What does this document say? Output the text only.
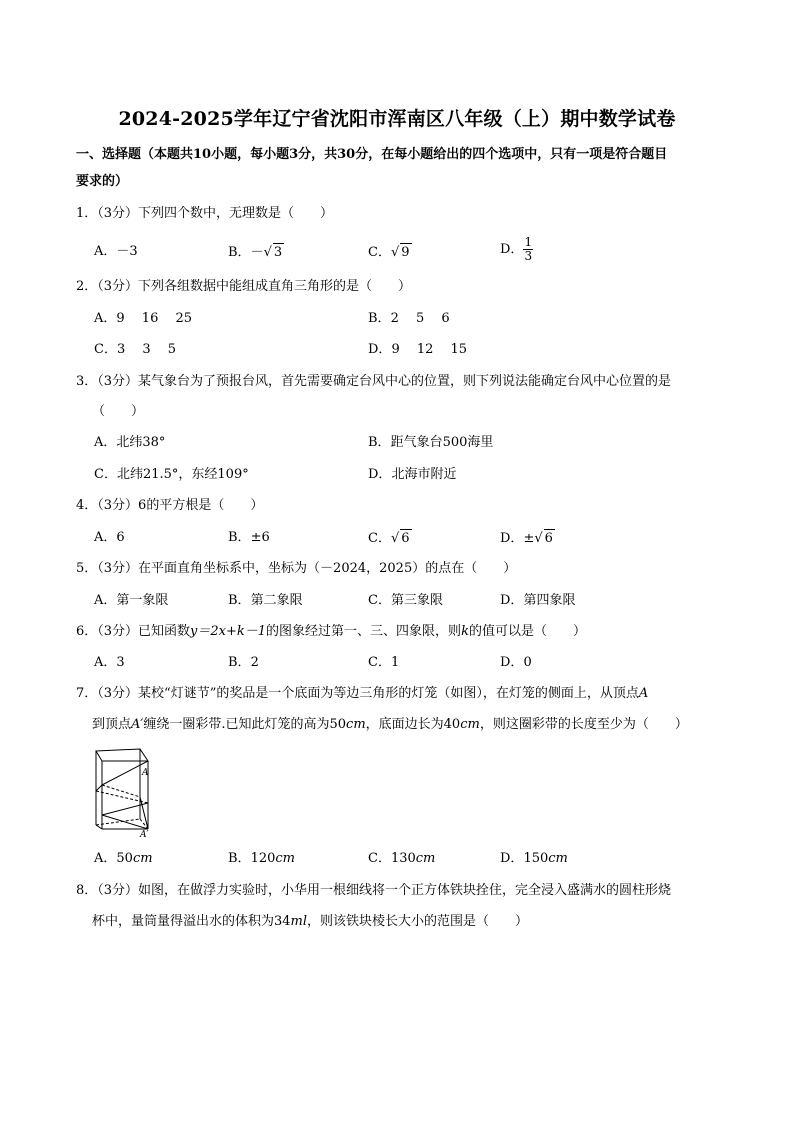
2024-2025学年辽宁省沈阳市浑南区八年级（上）期中数学试卷
一、选择题（本题共10小题，每小题3分，共30分，在每小题给出的四个选项中，只有一项是符合题目
要求的）
1．（3分）下列四个数中，无理数是（　　）
A．－3	B．－√ 3	C．√ 9	D． $\frac{1}{3}$
2．（3分）下列各组数据中能组成直角三角形的是（　　）
A．9　 16　 25	B．2　 5　 6
C．3　 3　 5	D．9　 12　 15
3．（3分）某气象台为了预报台风，首先需要确定台风中心的位置，则下列说法能确定台风中心位置的是
（　　）
A．北纬38°	B．距气象台500海里
C．北纬21.5°，东经109°	D．北海市附近
4．（3分）6的平方根是（　　）
A．6	B．±6	C．√ 6	D．±√ 6
5．（3分）在平面直角坐标系中，坐标为（－2024，2025）的点在（　　）
A．第一象限	B．第二象限	C．第三象限	D．第四象限
6．（3分）已知函数y＝2x+k－1的图象经过第一、三、四象限，则k的值可以是（　　）
A．3	B．2	C．1	D．0
7．（3分）某校“灯谜节”的奖品是一个底面为等边三角形的灯笼（如图），在灯笼的侧面上，从顶点A
到顶点A′缠绕一圈彩带.已知此灯笼的高为50cm，底面边长为40cm，则这圈彩带的长度至少为（　　）
A
A′
A．50cm	B．120cm	C．130cm	D．150cm
8．（3分）如图，在做浮力实验时，小华用一根细线将一个正方体铁块拴住，完全浸入盛满水的圆柱形烧
杯中，量筒量得溢出水的体积为34ml，则该铁块棱长大小的范围是（　　）
